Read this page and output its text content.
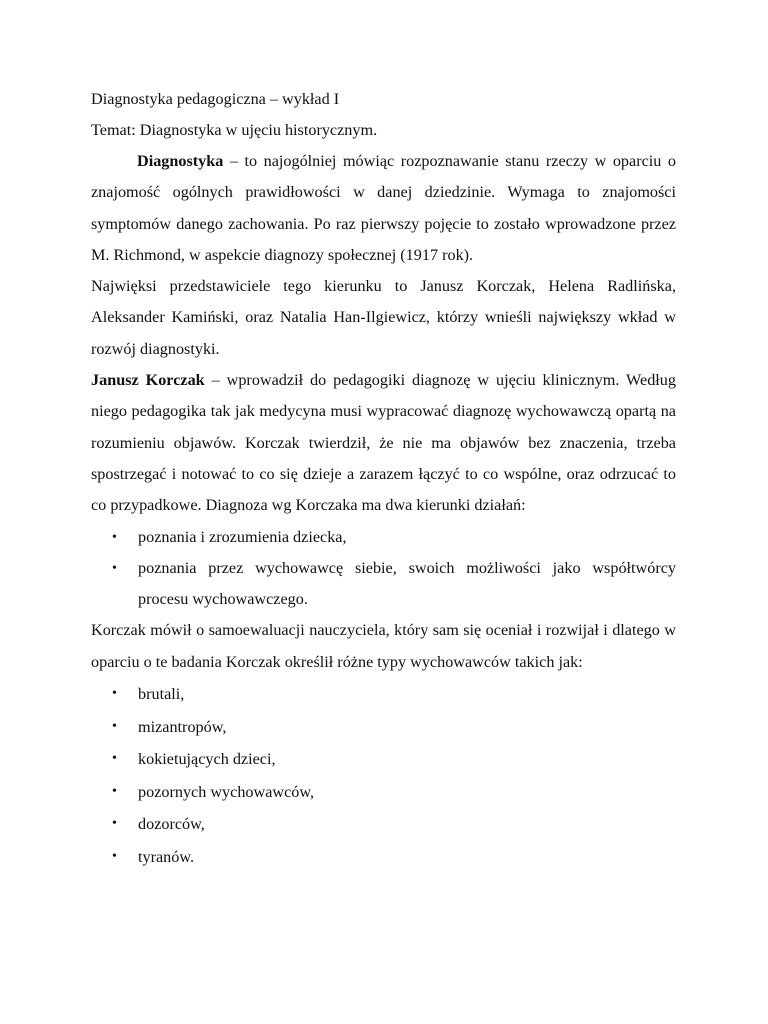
Diagnostyka pedagogiczna – wykład I

Temat: Diagnostyka w ujęciu historycznym.

Diagnostyka – to najogólniej mówiąc rozpoznawanie stanu rzeczy w oparciu o znajomość ogólnych prawidłowości w danej dziedzinie. Wymaga to znajomości symptomów danego zachowania. Po raz pierwszy pojęcie to zostało wprowadzone przez M. Richmond, w aspekcie diagnozy społecznej (1917 rok).

Najwięksi przedstawiciele tego kierunku to Janusz Korczak, Helena Radlińska, Aleksander Kamiński, oraz Natalia Han-Ilgiewicz, którzy wnieśli największy wkład w rozwój diagnostyki.

Janusz Korczak – wprowadził do pedagogiki diagnozę w ujęciu klinicznym. Według niego pedagogika tak jak medycyna musi wypracować diagnozę wychowawczą opartą na rozumieniu objawów. Korczak twierdził, że nie ma objawów bez znaczenia, trzeba spostrzegać i notować to co się dzieje a zarazem łączyć to co wspólne, oraz odrzucać to co przypadkowe. Diagnoza wg Korczaka ma dwa kierunki działań:

• poznania i zrozumienia dziecka,
• poznania przez wychowawcę siebie, swoich możliwości jako współtwórcy procesu wychowawczego.

Korczak mówił o samoewaluacji nauczyciela, który sam się oceniał i rozwijał i dlatego w oparciu o te badania Korczak określił różne typy wychowawców takich jak:

• brutali,
• mizantropów,
• kokietujących dzieci,
• pozornych wychowawców,
• dozorców,
• tyranów.
